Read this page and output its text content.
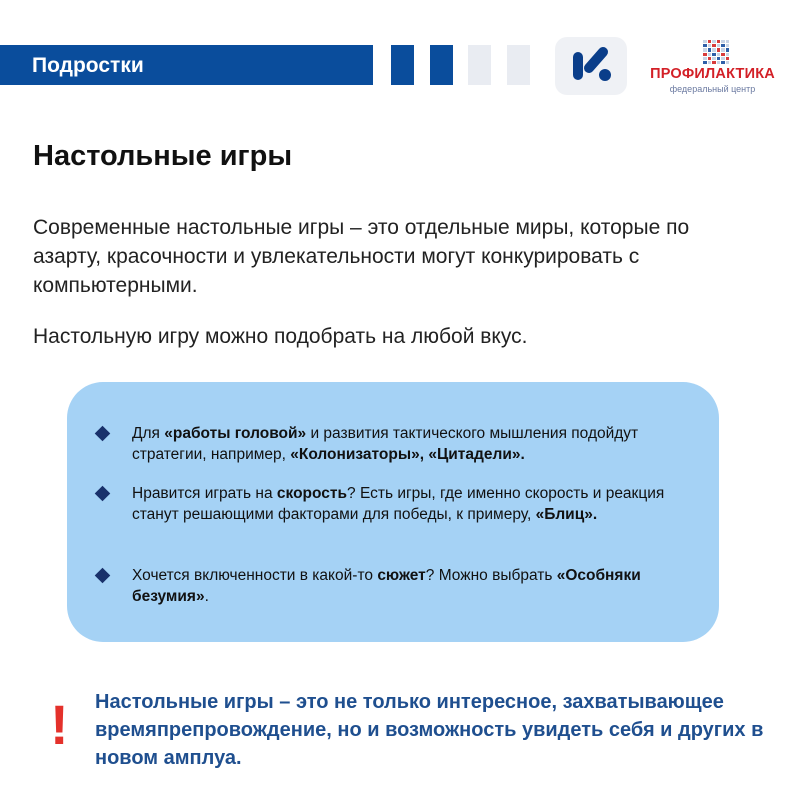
Подростки	ПРОФИЛАКТИКА
федеральный центр
Настольные игры

Современные настольные игры – это отдельные миры, которые по азарту, красочности и увлекательности могут конкурировать с компьютерными.

Настольную игру можно подобрать на любой вкус.

Для «работы головой» и развития тактического мышления подойдут стратегии, например, «Колонизаторы», «Цитадели».

Нравится играть на скорость? Есть игры, где именно скорость и реакция станут решающими факторами для победы, к примеру, «Блиц».

Хочется включенности в какой-то сюжет? Можно выбрать «Особняки безумия».

! Настольные игры – это не только интересное, захватывающее времяпрепровождение, но и возможность увидеть себя и других в новом амплуа.
